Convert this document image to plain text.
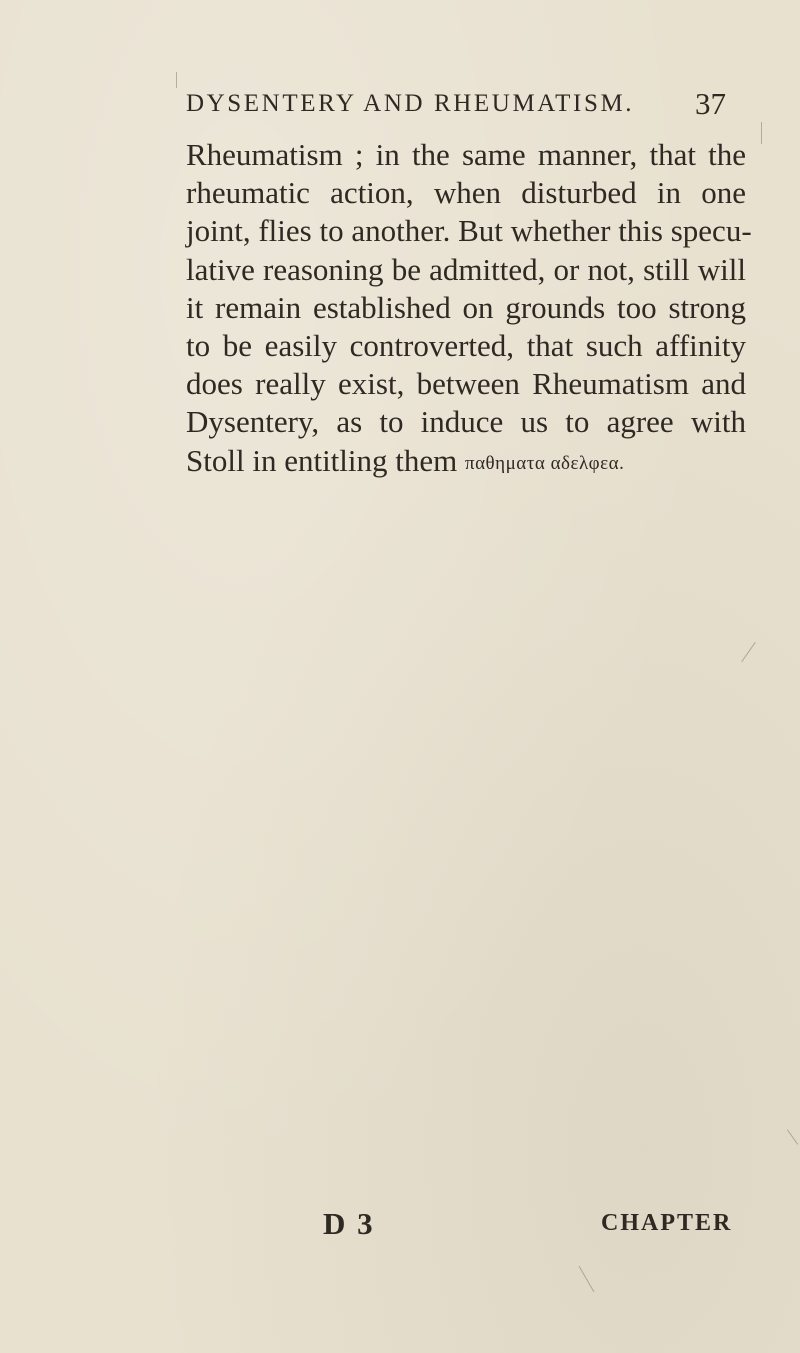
DYSENTERY AND RHEUMATISM. 37
Rheumatism ; in the same manner, that the
rheumatic action, when disturbed in one
joint, flies to another. But whether this specu-
lative reasoning be admitted, or not, still will
it remain established on grounds too strong
to be easily controverted, that such affinity
does really exist, between Rheumatism and
Dysentery, as to induce us to agree with
Stoll in entitling them παθηματα αδελφεα.
D 3	CHAPTER
